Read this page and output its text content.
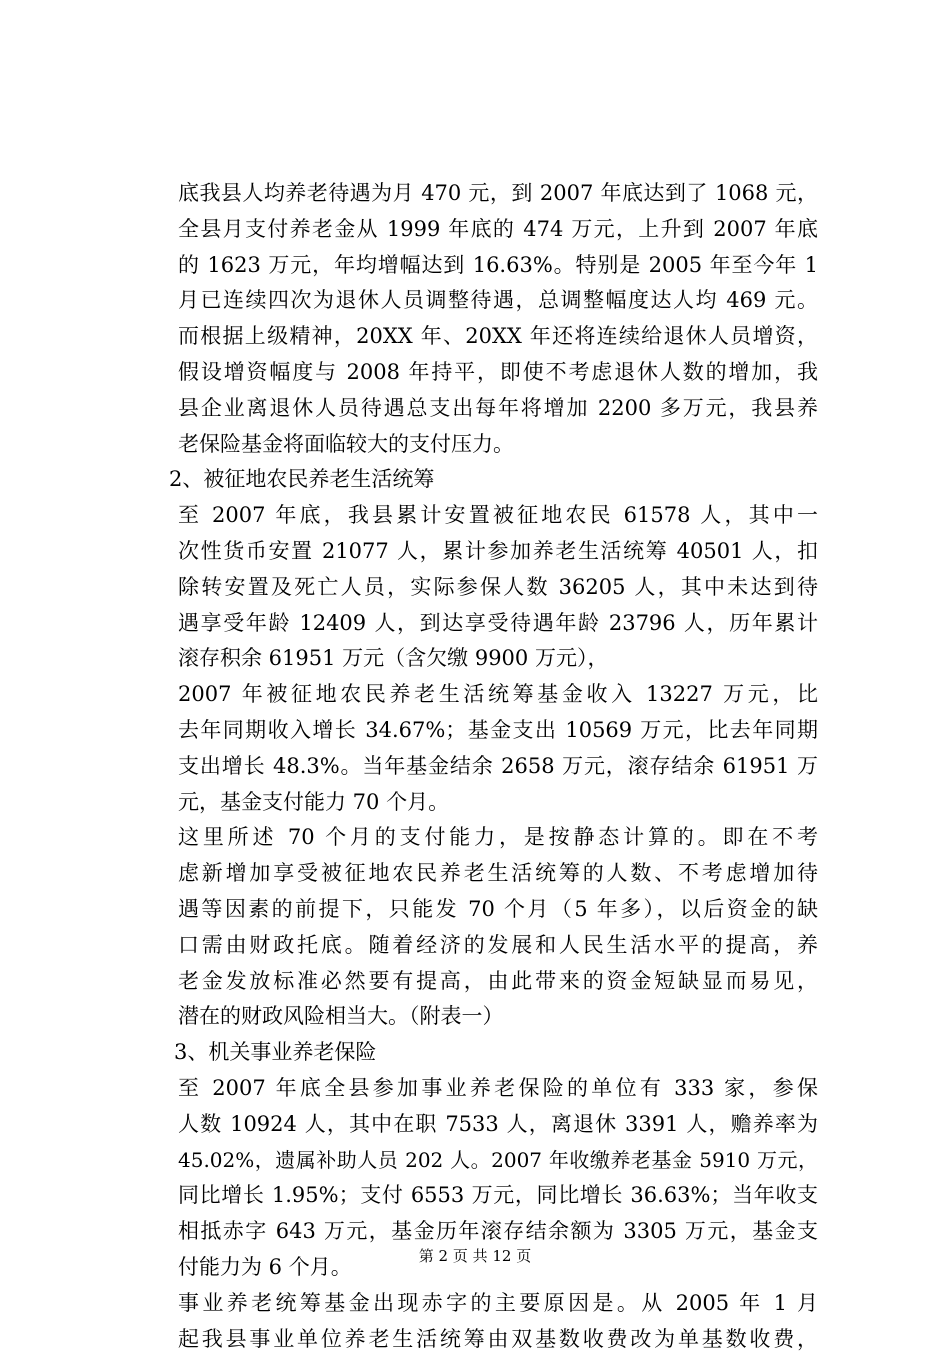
底我县人均养老待遇为月 470 元，到 2007 年底达到了 1068 元，
全县月支付养老金从 1999 年底的 474 万元，上升到 2007 年底
的 1623 万元，年均增幅达到 16.63%。特别是 2005 年至今年 1
月已连续四次为退休人员调整待遇，总调整幅度达人均 469 元。
而根据上级精神，20XX 年、20XX 年还将连续给退休人员增资，
假设增资幅度与 2008 年持平，即使不考虑退休人数的增加，我
县企业离退休人员待遇总支出每年将增加 2200 多万元，我县养
老保险基金将面临较大的支付压力。
2、被征地农民养老生活统筹
至 2007 年底，我县累计安置被征地农民 61578 人，其中一
次性货币安置 21077 人，累计参加养老生活统筹 40501 人，扣
除转安置及死亡人员，实际参保人数 36205 人，其中未达到待
遇享受年龄 12409 人，到达享受待遇年龄 23796 人，历年累计
滚存积余 61951 万元（含欠缴 9900 万元），
2007 年被征地农民养老生活统筹基金收入 13227 万元，比
去年同期收入增长 34.67%；基金支出 10569 万元，比去年同期
支出增长 48.3%。当年基金结余 2658 万元，滚存结余 61951 万
元，基金支付能力 70 个月。
这里所述 70 个月的支付能力，是按静态计算的。即在不考
虑新增加享受被征地农民养老生活统筹的人数、不考虑增加待
遇等因素的前提下，只能发 70 个月（5 年多），以后资金的缺
口需由财政托底。随着经济的发展和人民生活水平的提高，养
老金发放标准必然要有提高，由此带来的资金短缺显而易见，
潜在的财政风险相当大。（附表一）
3、机关事业养老保险
至 2007 年底全县参加事业养老保险的单位有 333 家，参保
人数 10924 人，其中在职 7533 人，离退休 3391 人，赡养率为
45.02%，遗属补助人员 202 人。2007 年收缴养老基金 5910 万元，
同比增长 1.95%；支付 6553 万元，同比增长 36.63%；当年收支
相抵赤字 643 万元，基金历年滚存结余额为 3305 万元，基金支
付能力为 6 个月。
事业养老统筹基金出现赤字的主要原因是。从 2005 年 1 月
起我县事业单位养老生活统筹由双基数收费改为单基数收费，
第 2 页 共 12 页
